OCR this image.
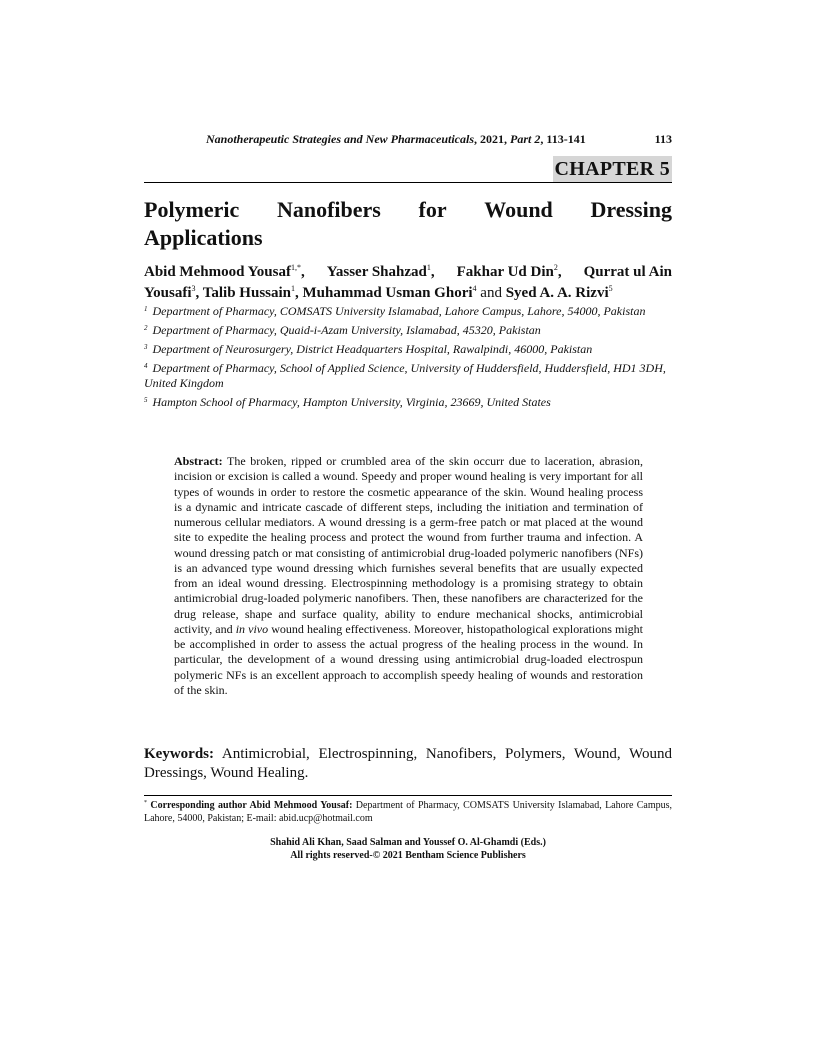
Nanotherapeutic Strategies and New Pharmaceuticals, 2021, Part 2, 113-141	113
CHAPTER 5
Polymeric Nanofibers for Wound Dressing
Applications
Abid Mehmood Yousaf$^{1,*}$, Yasser Shahzad$^1$, Fakhar Ud Din$^2$, Qurrat ul Ain
Yousafi$^3$, Talib Hussain$^1$, Muhammad Usman Ghori$^4$ and Syed A. A. Rizvi$^5$
$^1$ Department of Pharmacy, COMSATS University Islamabad, Lahore Campus, Lahore, 54000, Pakistan
$^2$ Department of Pharmacy, Quaid-i-Azam University, Islamabad, 45320, Pakistan
$^3$ Department of Neurosurgery, District Headquarters Hospital, Rawalpindi, 46000, Pakistan
$^4$ Department of Pharmacy, School of Applied Science, University of Huddersfield, Huddersfield, HD1 3DH, United Kingdom
$^5$ Hampton School of Pharmacy, Hampton University, Virginia, 23669, United States
Abstract: The broken, ripped or crumbled area of the skin occurr due to laceration, abrasion, incision or excision is called a wound. Speedy and proper wound healing is very important for all types of wounds in order to restore the cosmetic appearance of the skin. Wound healing process is a dynamic and intricate cascade of different steps, including the initiation and termination of numerous cellular mediators. A wound dressing is a germ-free patch or mat placed at the wound site to expedite the healing process and protect the wound from further trauma and infection. A wound dressing patch or mat consisting of antimicrobial drug-loaded polymeric nanofibers (NFs) is an advanced type wound dressing which furnishes several benefits that are usually expected from an ideal wound dressing. Electrospinning methodology is a promising strategy to obtain antimicrobial drug-loaded polymeric nanofibers. Then, these nanofibers are characterized for the drug release, shape and surface quality, ability to endure mechanical shocks, antimicrobial activity, and in vivo wound healing effectiveness. Moreover, histopathological explorations might be accomplished in order to assess the actual progress of the healing process in the wound. In particular, the development of a wound dressing using antimicrobial drug-loaded electrospun polymeric NFs is an excellent approach to accomplish speedy healing of wounds and restoration of the skin.
Keywords: Antimicrobial, Electrospinning, Nanofibers, Polymers, Wound, Wound Dressings, Wound Healing.
* Corresponding author Abid Mehmood Yousaf: Department of Pharmacy, COMSATS University Islamabad, Lahore Campus, Lahore, 54000, Pakistan; E-mail: abid.ucp@hotmail.com
Shahid Ali Khan, Saad Salman and Youssef O. Al-Ghamdi (Eds.)
All rights reserved-© 2021 Bentham Science Publishers
